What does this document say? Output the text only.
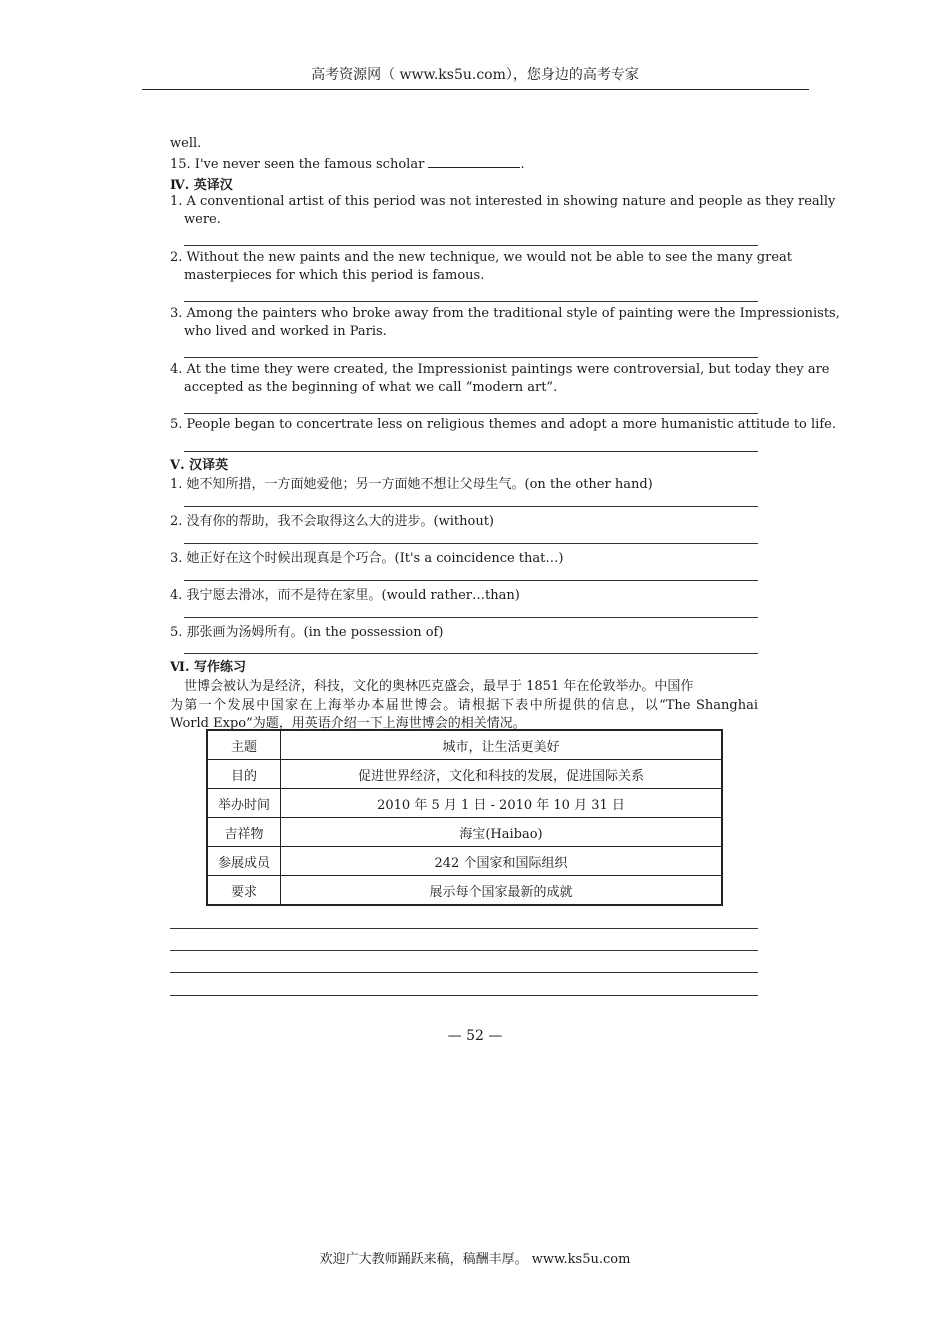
高考资源网（ www.ks5u.com），您身边的高考专家
well.
15. I've never seen the famous scholar	.
Ⅳ. 英译汉
1. A conventional artist of this period was not interested in showing nature and people as they really
were.
2. Without the new paints and the new technique, we would not be able to see the many great
masterpieces for which this period is famous.
3. Among the painters who broke away from the traditional style of painting were the Impressionists,
who lived and worked in Paris.
4. At the time they were created, the Impressionist paintings were controversial, but today they are
accepted as the beginning of what we call “modern art”.
5. People began to concertrate less on religious themes and adopt a more humanistic attitude to life.
Ⅴ. 汉译英
1. 她不知所措，一方面她爱他；另一方面她不想让父母生气。(on the other hand)
2. 没有你的帮助，我不会取得这么大的进步。(without)
3. 她正好在这个时候出现真是个巧合。(It's a coincidence that…)
4. 我宁愿去滑冰，而不是待在家里。(would rather…than)
5. 那张画为汤姆所有。(in the possession of)
Ⅵ. 写作练习
世博会被认为是经济，科技，文化的奥林匹克盛会，最早于 1851 年在伦敦举办。中国作
为第一个发展中国家在上海举办本届世博会。请根据下表中所提供的信息，以“The Shanghai
World Expo”为题，用英语介绍一下上海世博会的相关情况。
主题	城市，让生活更美好
目的	促进世界经济，文化和科技的发展，促进国际关系
举办时间	2010 年 5 月 1 日 - 2010 年 10 月 31 日
吉祥物	海宝(Haibao)
参展成员	242 个国家和国际组织
要求	展示每个国家最新的成就
— 52 —
欢迎广大教师踊跃来稿，稿酬丰厚。 www.ks5u.com
